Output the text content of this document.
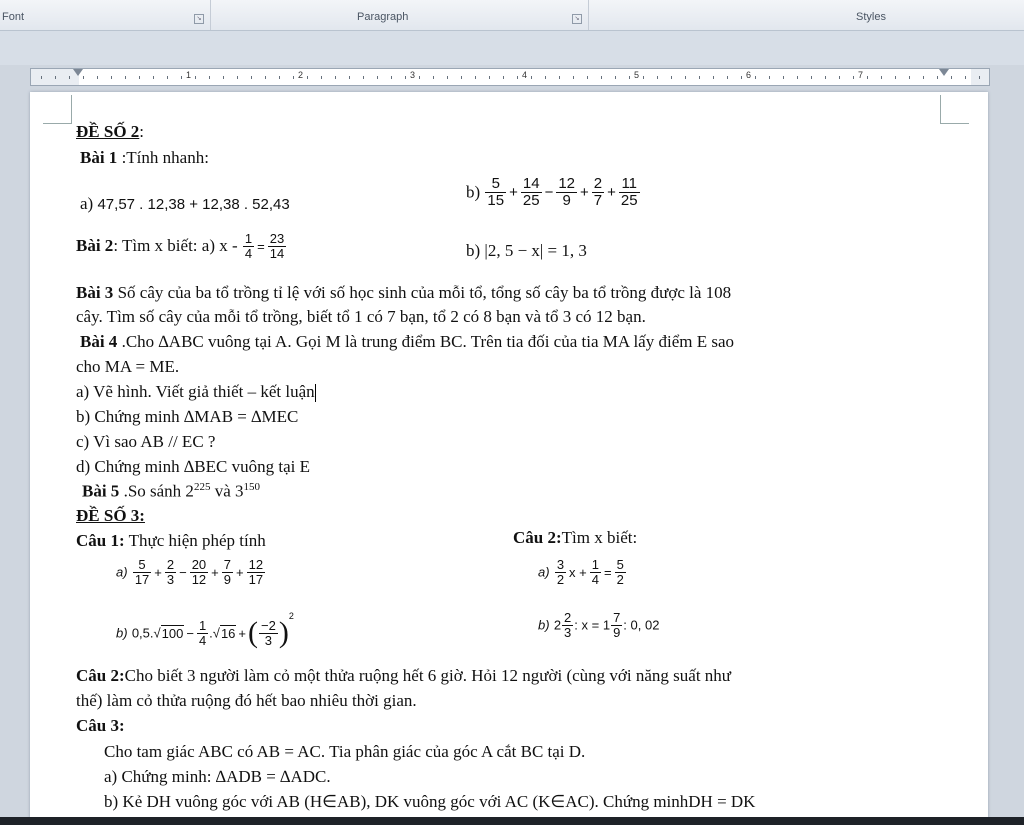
Font	↘	Paragraph	↘	Styles
1	2	3	4	5	6	7
ĐỀ SỐ 2:
Bài 1 :Tính nhanh:
a) 47,57 . 12,38 + 12,38 . 52,43
$b) \frac{5}{15} + \frac{14}{25} - \frac{12}{9} + \frac{2}{7} + \frac{11}{25}$
Bài 2: Tìm x biết: a) $x - \frac{1}{4} = \frac{23}{14}$	b) |2, 5 − x| = 1, 3
Bài 3 Số cây của ba tổ trồng tỉ lệ với số học sinh của mỗi tổ, tổng số cây ba tổ trồng được là 108
cây. Tìm số cây của mỗi tổ trồng, biết tổ 1 có 7 bạn, tổ 2 có 8 bạn và tổ 3 có 12 bạn.
Bài 4 .Cho ∆ABC vuông tại A. Gọi M là trung điểm BC. Trên tia đối của tia MA lấy điểm E sao
cho MA = ME.
a) Vẽ hình. Viết giả thiết – kết luận
b) Chứng minh ∆MAB = ∆MEC
c) Vì sao AB // EC ?
d) Chứng minh ∆BEC vuông tại E
Bài 5 .So sánh $2^{225}$ và $3^{150}$
ĐỀ SỐ 3:
Câu 1: Thực hiện phép tính	Câu 2:Tìm x biết:
$a) \frac{5}{17} + \frac{2}{3} - \frac{20}{12} + \frac{7}{9} + \frac{12}{17}$	$a) \frac{3}{2}$ $x + \frac{1}{4} = \frac{5}{2}$
b) $0,5.√100 - \frac{1}{4} .√16$ +( $\frac{-2}{3} )^2$
b) $2 \frac{2}{3}$ : $x = 1 \frac{7}{9}$ : 0, 02
Câu 2:Cho biết 3 người làm cỏ một thửa ruộng hết 6 giờ. Hỏi 12 người (cùng với năng suất như
thế) làm cỏ thửa ruộng đó hết bao nhiêu thời gian.
Câu 3:
Cho tam giác ABC có AB = AC. Tia phân giác của góc A cắt BC tại D.
a) Chứng minh: ∆ADB = ∆ADC.
b) Kẻ DH vuông góc với AB (H∈AB), DK vuông góc với AC (K∈AC). Chứng minhDH = DK
